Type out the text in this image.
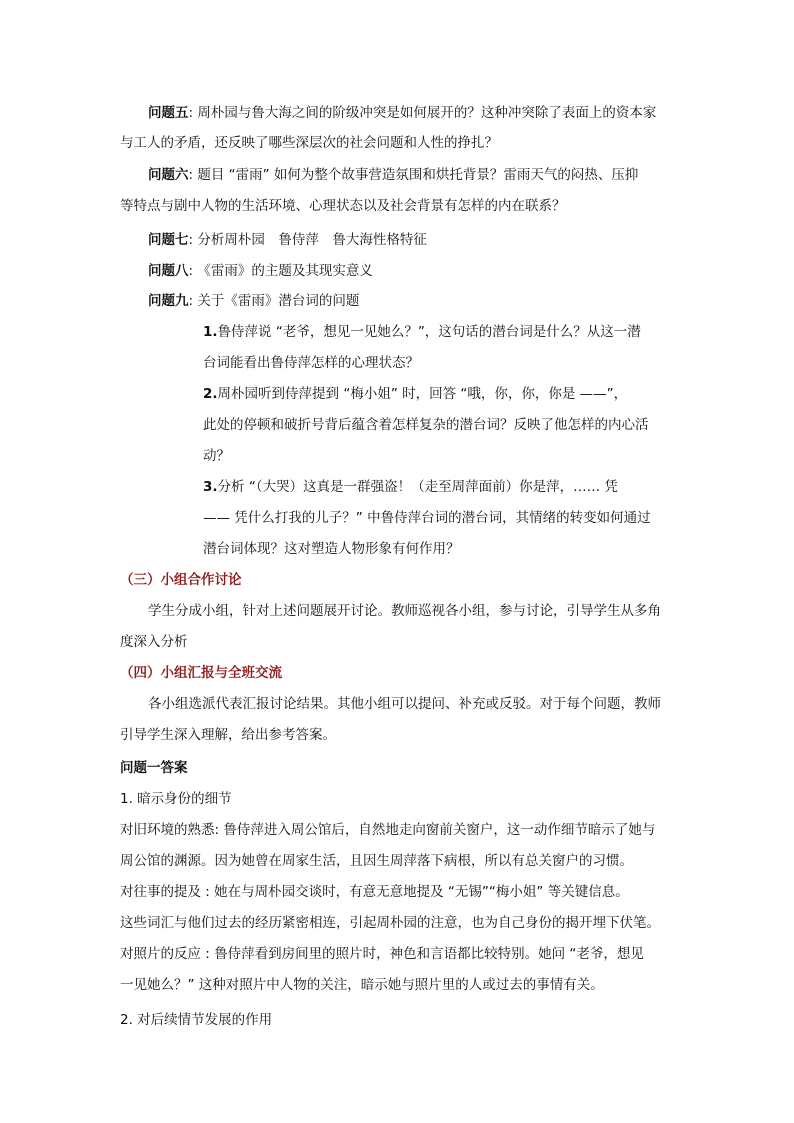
问题五: 周朴园与鲁大海之间的阶级冲突是如何展开的？这种冲突除了表面上的资本家
与工人的矛盾，还反映了哪些深层次的社会问题和人性的挣扎？
问题六: 题目 “雷雨” 如何为整个故事营造氛围和烘托背景？雷雨天气的闷热、压抑
等特点与剧中人物的生活环境、心理状态以及社会背景有怎样的内在联系？
问题七: 分析周朴园　鲁侍萍　鲁大海性格特征
问题八: 《雷雨》的主题及其现实意义
问题九: 关于《雷雨》潜台词的问题
1.鲁侍萍说 “老爷，想见一见她么？”，这句话的潜台词是什么？从这一潜
台词能看出鲁侍萍怎样的心理状态？
2.周朴园听到侍萍提到 “梅小姐” 时，回答 “哦，你，你，你是 ——”，
此处的停顿和破折号背后蕴含着怎样复杂的潜台词？反映了他怎样的内心活
动？
3.分析 “（大哭）这真是一群强盗！（走至周萍面前）你是萍，…… 凭
—— 凭什么打我的儿子？” 中鲁侍萍台词的潜台词，其情绪的转变如何通过
潜台词体现？这对塑造人物形象有何作用？
（三）小组合作讨论
学生分成小组，针对上述问题展开讨论。教师巡视各小组，参与讨论，引导学生从多角
度深入分析
（四）小组汇报与全班交流
各小组选派代表汇报讨论结果。其他小组可以提问、补充或反驳。对于每个问题，教师
引导学生深入理解，给出参考答案。
问题一答案
1. 暗示身份的细节
对旧环境的熟悉: 鲁侍萍进入周公馆后，自然地走向窗前关窗户，这一动作细节暗示了她与
周公馆的渊源。因为她曾在周家生活，且因生周萍落下病根，所以有总关窗户的习惯。
对往事的提及 : 她在与周朴园交谈时，有意无意地提及 “无锡”“梅小姐” 等关键信息。
这些词汇与他们过去的经历紧密相连，引起周朴园的注意，也为自己身份的揭开埋下伏笔。
对照片的反应 : 鲁侍萍看到房间里的照片时，神色和言语都比较特别。她问 “老爷，想见
一见她么？” 这种对照片中人物的关注，暗示她与照片里的人或过去的事情有关。
2. 对后续情节发展的作用
